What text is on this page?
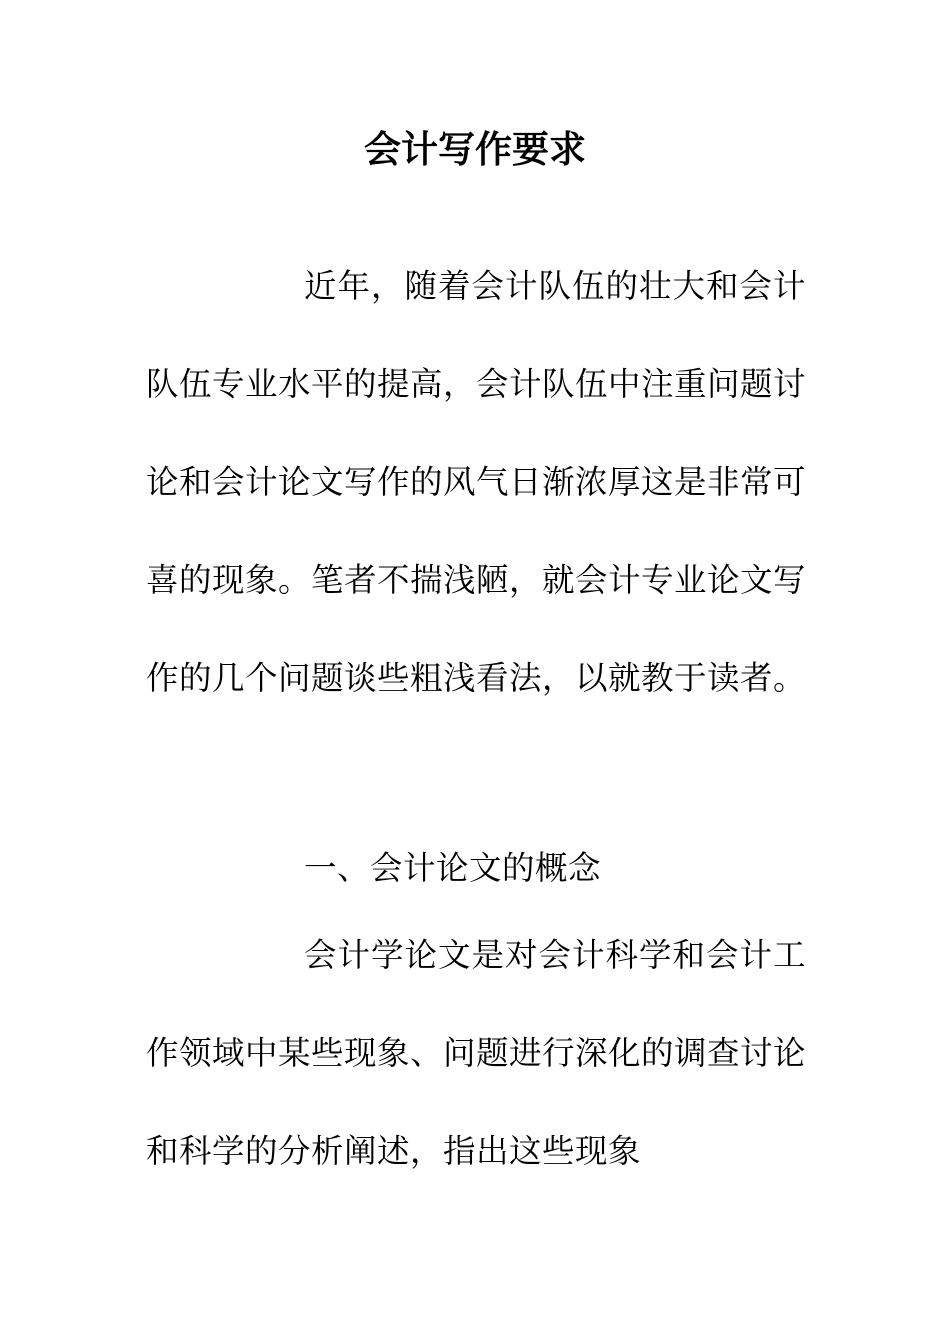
会计写作要求

近年，随着会计队伍的壮大和会计队伍专业水平的提高，会计队伍中注重问题讨论和会计论文写作的风气日渐浓厚这是非常可喜的现象。笔者不揣浅陋，就会计专业论文写作的几个问题谈些粗浅看法，以就教于读者。

一、会计论文的概念

会计学论文是对会计科学和会计工作领域中某些现象、问题进行深化的调查讨论和科学的分析阐述，指出这些现象
